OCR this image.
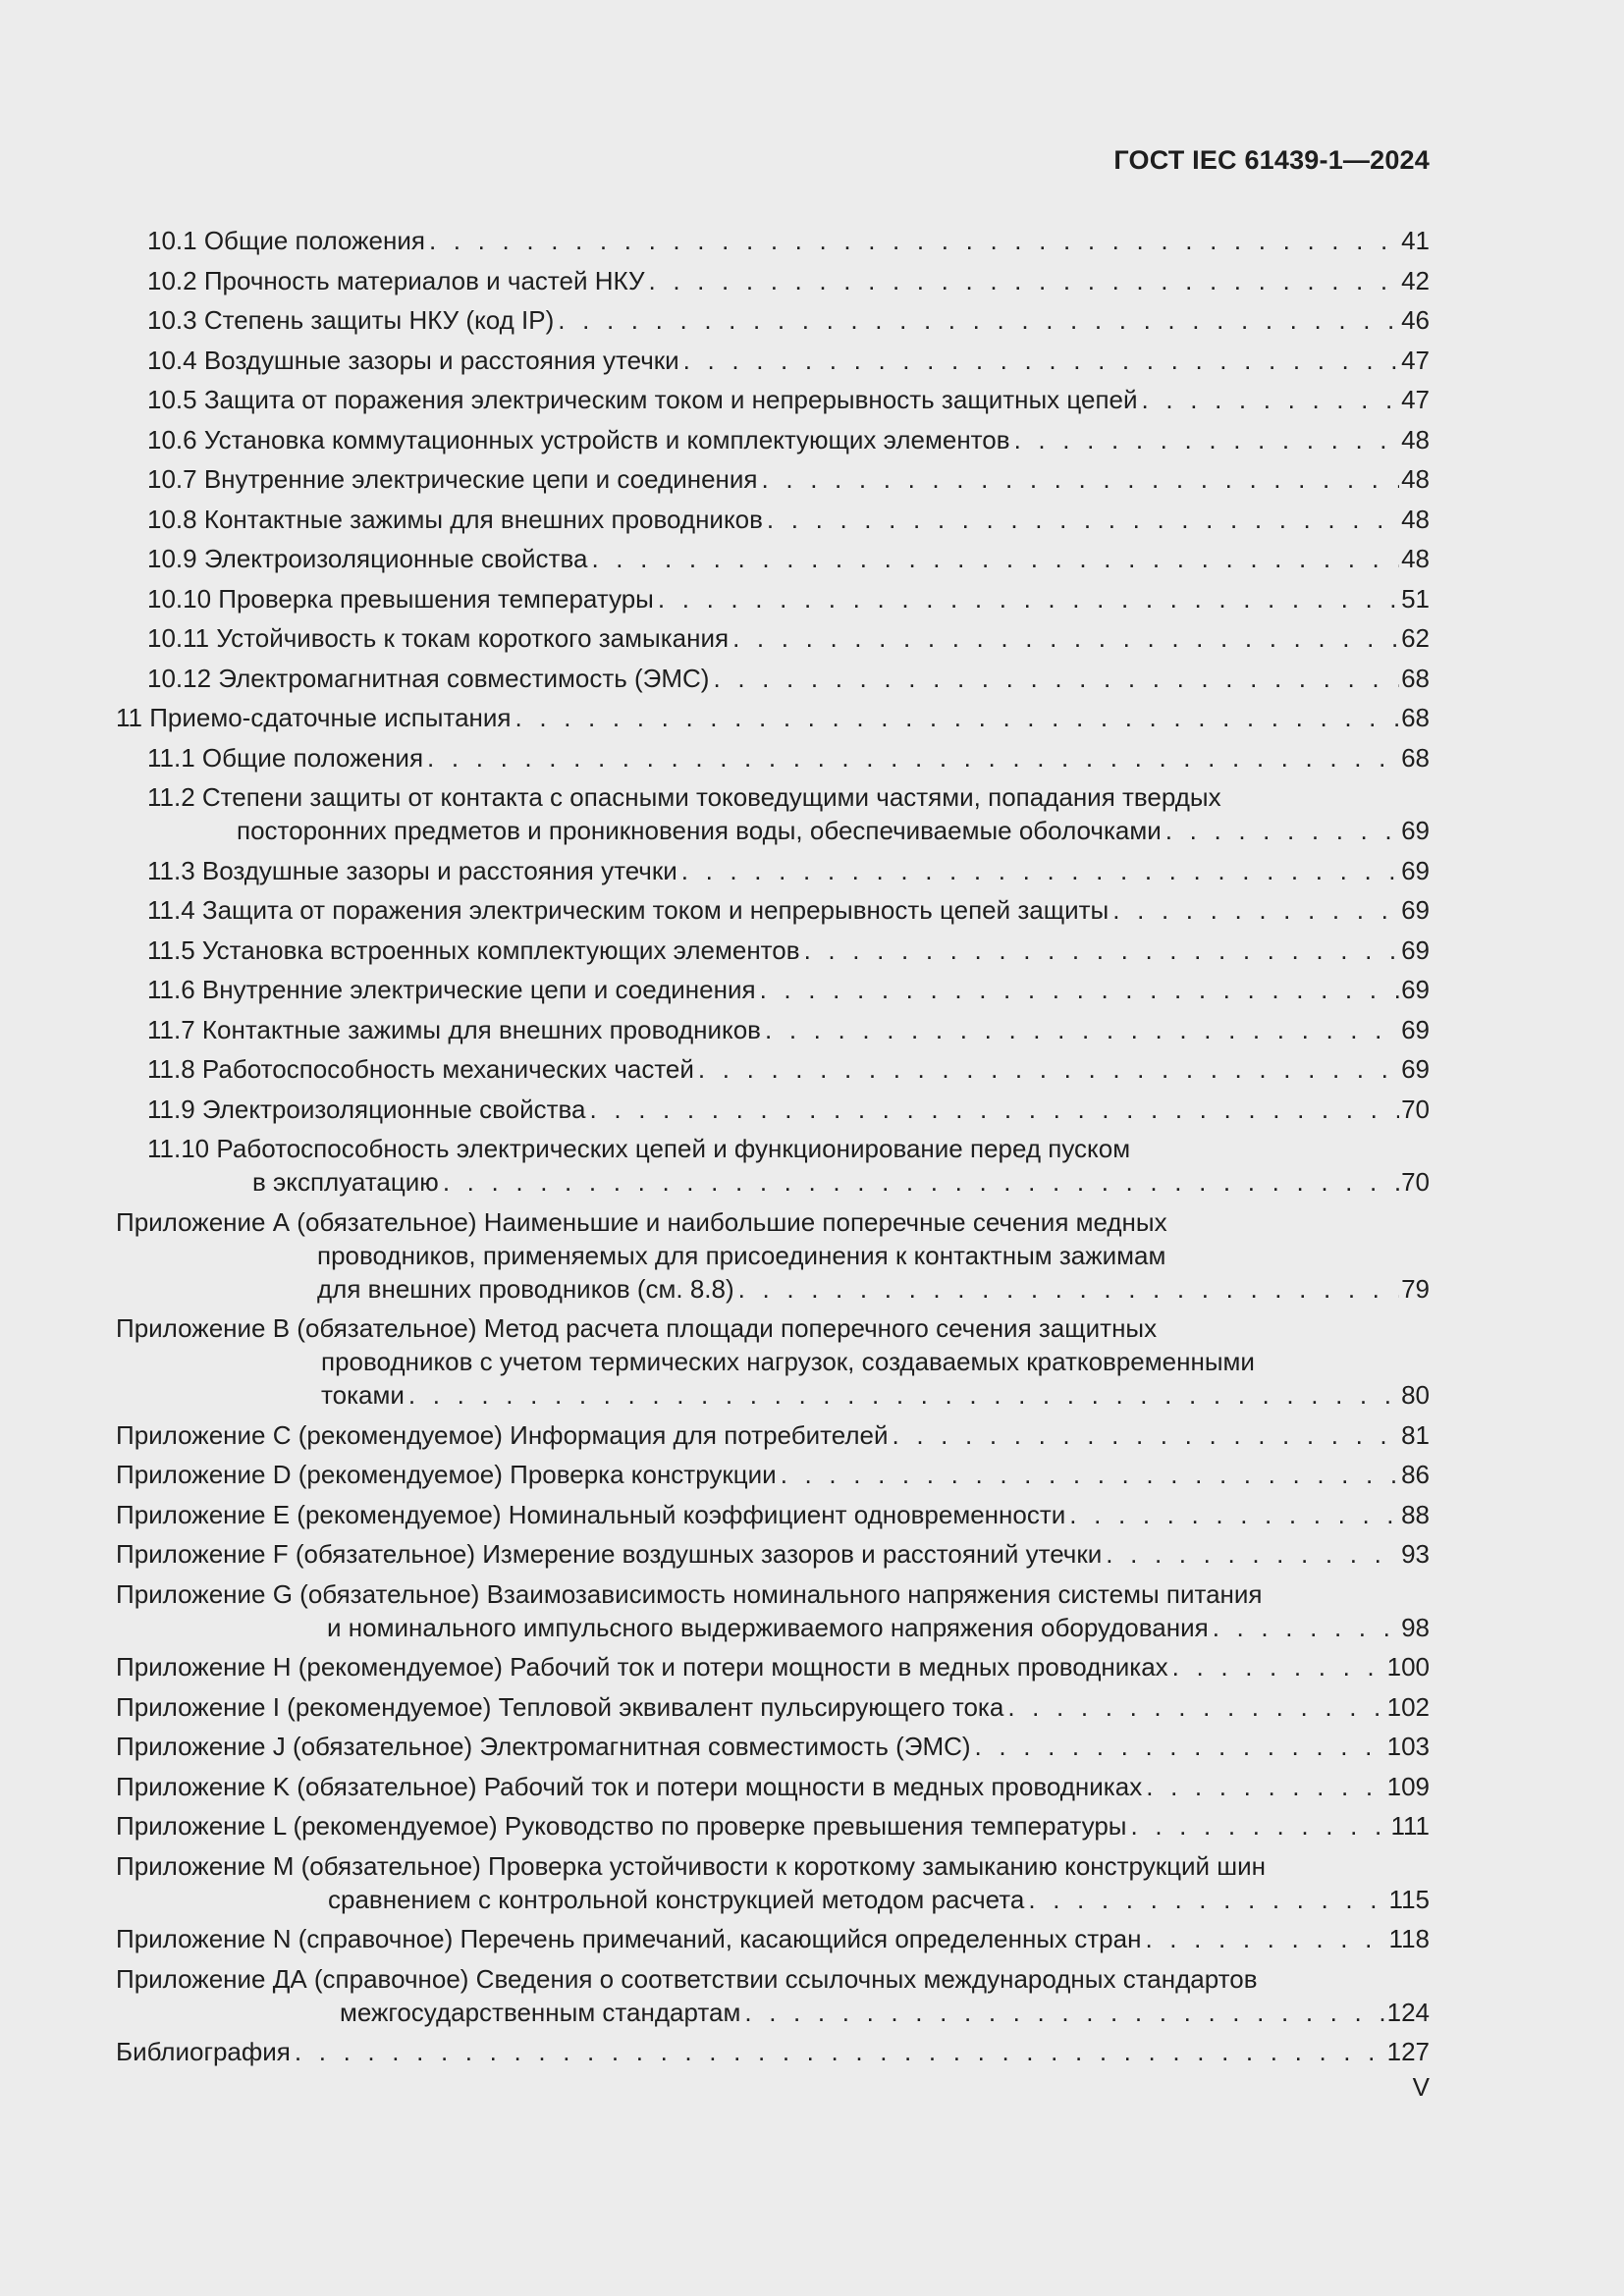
ГОСТ IEC 61439-1—2024
10.1 Общие положения . . .	41
10.2 Прочность материалов и частей НКУ . . .	42
10.3 Степень защиты НКУ (код IP) . . .	46
10.4 Воздушные зазоры и расстояния утечки . . .	47
10.5 Защита от поражения электрическим током и непрерывность защитных цепей . . .	47
10.6 Установка коммутационных устройств и комплектующих элементов . . .	48
10.7 Внутренние электрические цепи и соединения . . .	48
10.8 Контактные зажимы для внешних проводников . . .	48
10.9 Электроизоляционные свойства . . .	48
10.10 Проверка превышения температуры . . .	51
10.11 Устойчивость к токам короткого замыкания . . .	62
10.12 Электромагнитная совместимость (ЭМС) . . .	68
11 Приемо-сдаточные испытания . . .	68
11.1 Общие положения . . .	68
11.2 Степени защиты от контакта с опасными токоведущими частями, попадания твердых
посторонних предметов и проникновения воды, обеспечиваемые оболочками . . .	69
11.3 Воздушные зазоры и расстояния утечки . . .	69
11.4 Защита от поражения электрическим током и непрерывность цепей защиты . . .	69
11.5 Установка встроенных комплектующих элементов . . .	69
11.6 Внутренние электрические цепи и соединения . . .	69
11.7 Контактные зажимы для внешних проводников . . .	69
11.8 Работоспособность механических частей . . .	69
11.9 Электроизоляционные свойства . . .	70
11.10 Работоспособность электрических цепей и функционирование перед пуском
в эксплуатацию . . .	70
Приложение А (обязательное) Наименьшие и наибольшие поперечные сечения медных
проводников, применяемых для присоединения к контактным зажимам
для внешних проводников (см. 8.8) . . .	79
Приложение В (обязательное) Метод расчета площади поперечного сечения защитных
проводников с учетом термических нагрузок, создаваемых кратковременными
токами . . .	80
Приложение С (рекомендуемое) Информация для потребителей . . .	81
Приложение D (рекомендуемое) Проверка конструкции . . .	86
Приложение Е (рекомендуемое) Номинальный коэффициент одновременности . . .	88
Приложение F (обязательное) Измерение воздушных зазоров и расстояний утечки . . .	93
Приложение G (обязательное) Взаимозависимость номинального напряжения системы питания
и номинального импульсного выдерживаемого напряжения оборудования . . .	98
Приложение Н (рекомендуемое) Рабочий ток и потери мощности в медных проводниках . . .	100
Приложение I (рекомендуемое) Тепловой эквивалент пульсирующего тока . . .	102
Приложение J (обязательное) Электромагнитная совместимость (ЭМС) . . .	103
Приложение K (обязательное) Рабочий ток и потери мощности в медных проводниках . . .	109
Приложение L (рекомендуемое) Руководство по проверке превышения температуры . . .	111
Приложение M (обязательное) Проверка устойчивости к короткому замыканию конструкций шин
сравнением с контрольной конструкцией методом расчета . . .	115
Приложение N (справочное) Перечень примечаний, касающийся определенных стран . . .	118
Приложение ДА (справочное) Сведения о соответствии ссылочных международных стандартов
межгосударственным стандартам . . .	124
Библиография . . .	127
V
